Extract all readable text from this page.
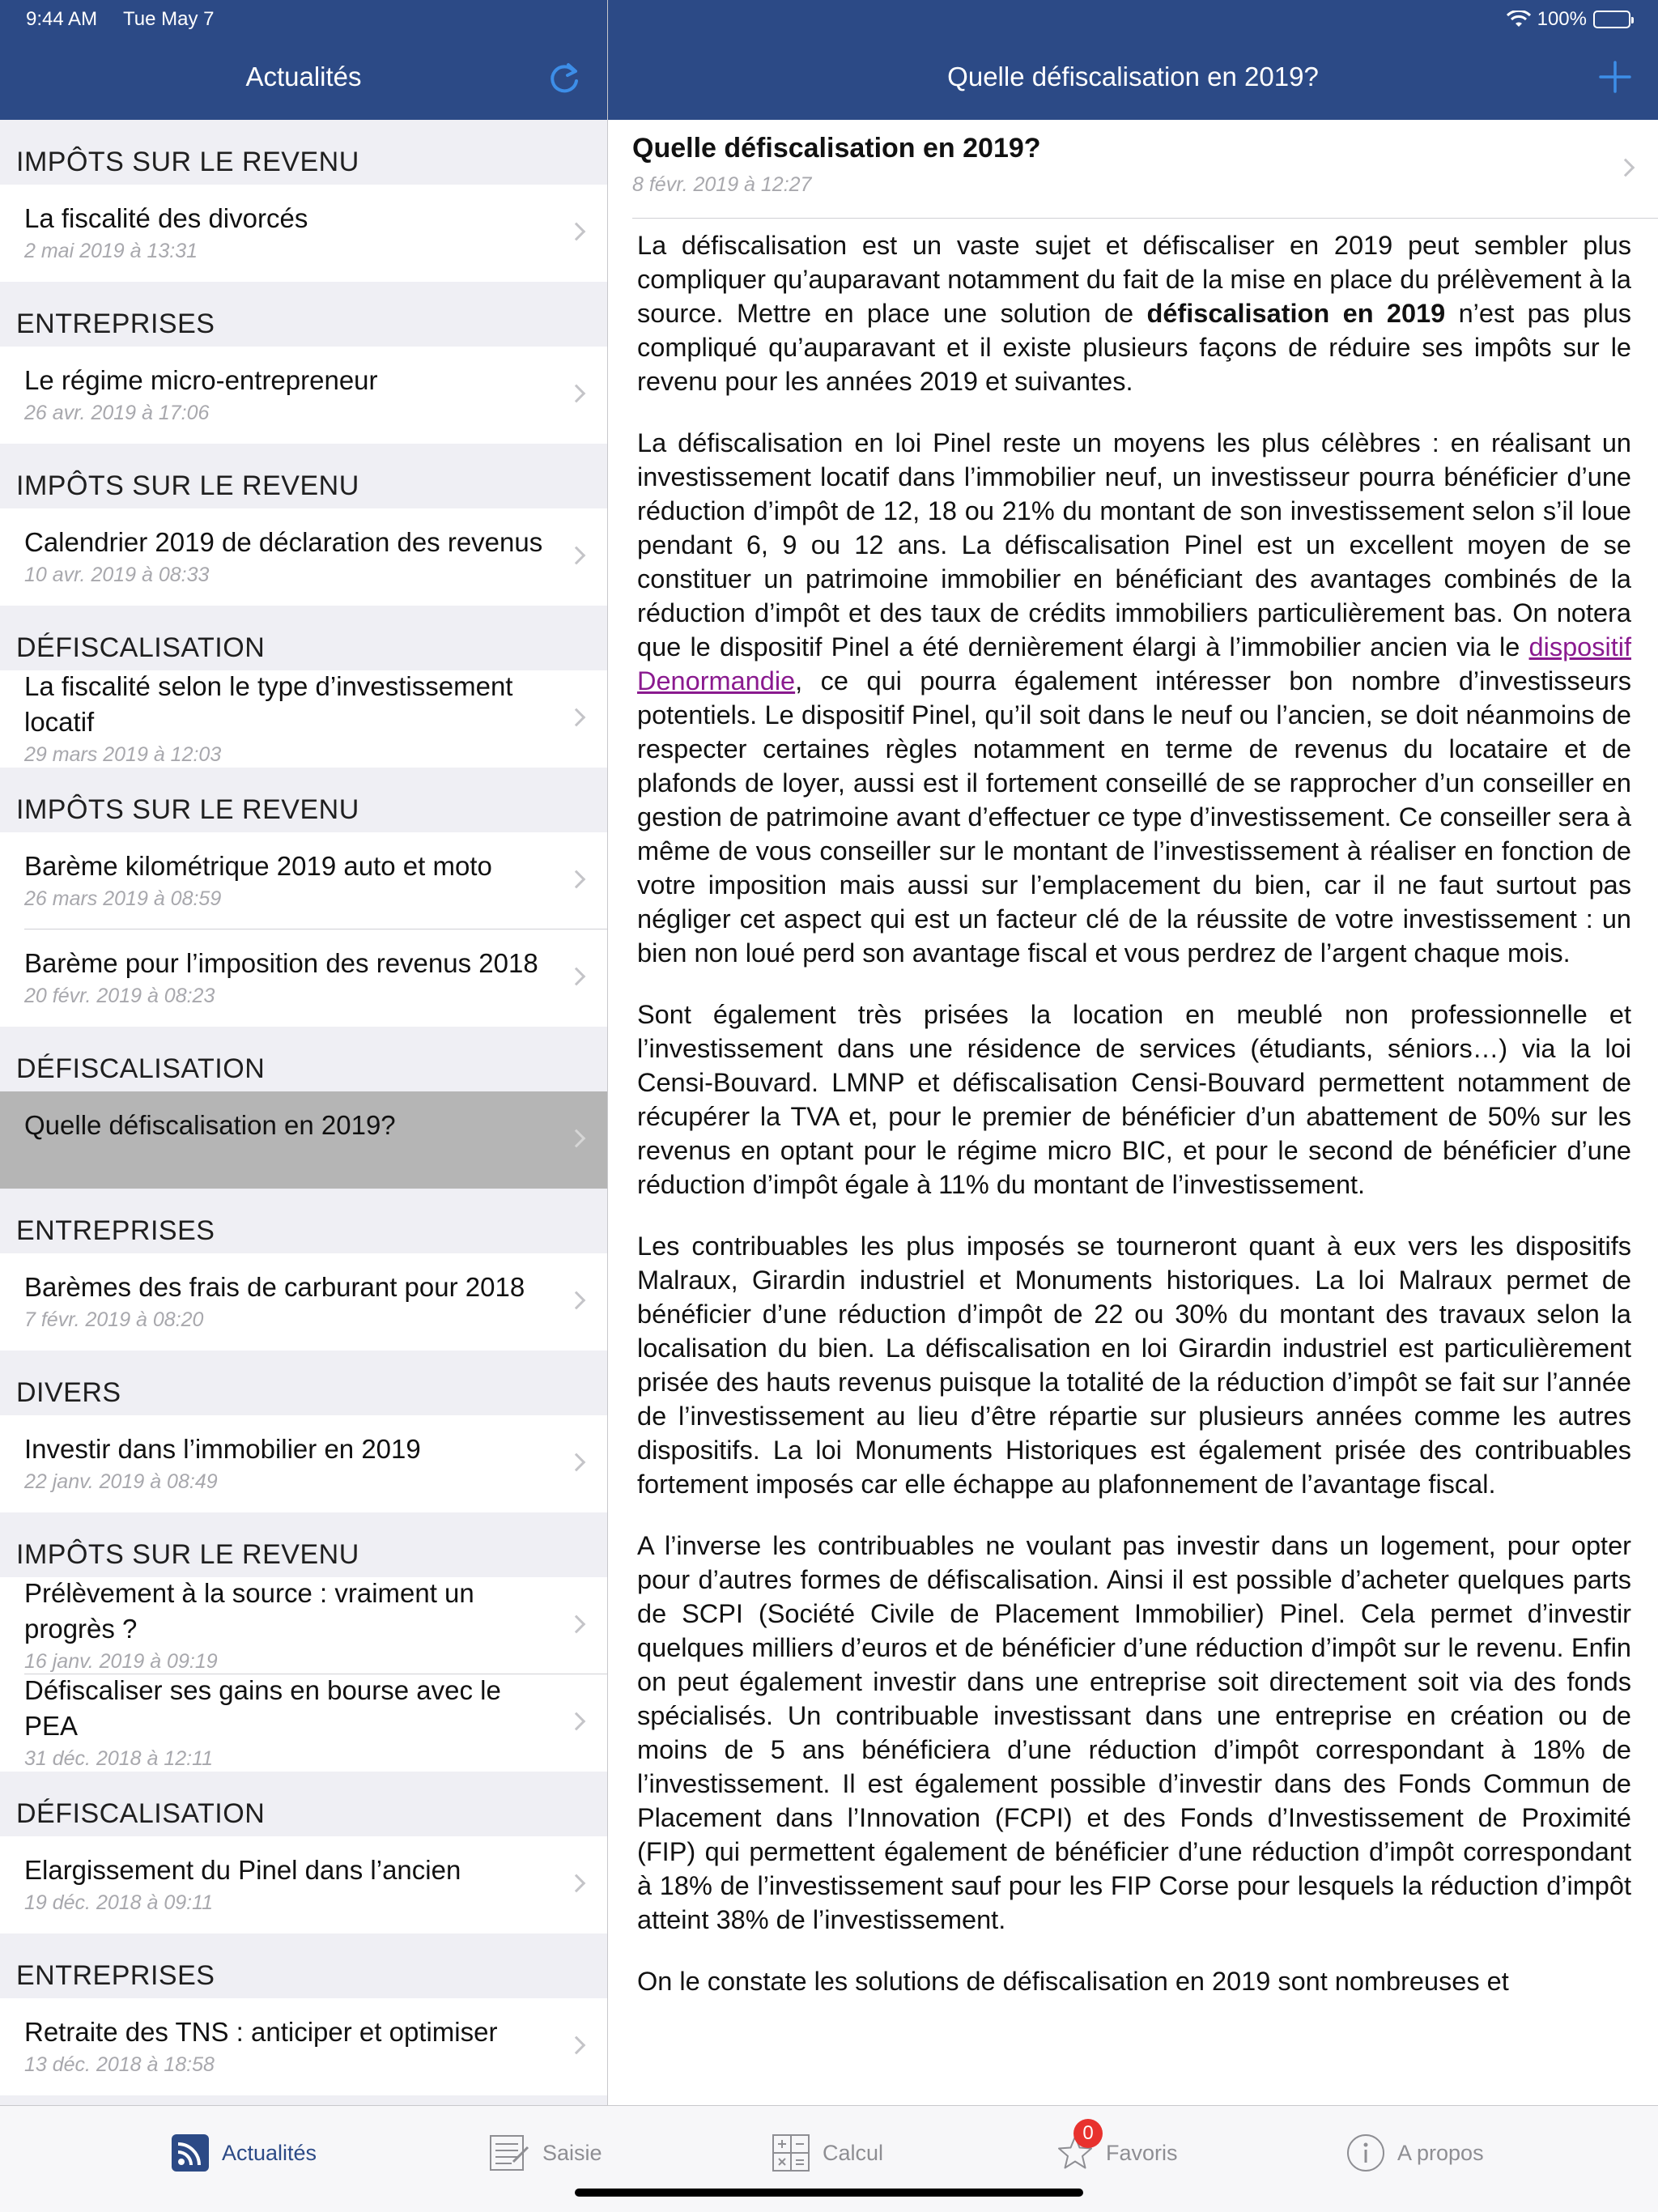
9:44 AM Tue May 7	100%
Actualités	Quelle défiscalisation en 2019?
IMPÔTS SUR LE REVENU
La fiscalité des divorcés
2 mai 2019 à 13:31
ENTREPRISES
Le régime micro-entrepreneur
26 avr. 2019 à 17:06
IMPÔTS SUR LE REVENU
Calendrier 2019 de déclaration des revenus
10 avr. 2019 à 08:33
DÉFISCALISATION
La fiscalité selon le type d’investissement locatif
29 mars 2019 à 12:03
IMPÔTS SUR LE REVENU
Barème kilométrique 2019 auto et moto
26 mars 2019 à 08:59
Barème pour l’imposition des revenus 2018
20 févr. 2019 à 08:23
DÉFISCALISATION
Quelle défiscalisation en 2019?
ENTREPRISES
Barèmes des frais de carburant pour 2018
7 févr. 2019 à 08:20
DIVERS
Investir dans l’immobilier en 2019
22 janv. 2019 à 08:49
IMPÔTS SUR LE REVENU
Prélèvement à la source : vraiment un progrès ?
16 janv. 2019 à 09:19
Défiscaliser ses gains en bourse avec le PEA
31 déc. 2018 à 12:11
DÉFISCALISATION
Elargissement du Pinel dans l’ancien
19 déc. 2018 à 09:11
ENTREPRISES
Retraite des TNS : anticiper et optimiser
13 déc. 2018 à 18:58
Quelle défiscalisation en 2019?
8 févr. 2019 à 12:27

La défiscalisation est un vaste sujet et défiscaliser en 2019 peut sembler plus compliquer qu’auparavant notamment du fait de la mise en place du prélèvement à la source. Mettre en place une solution de défiscalisation en 2019 n’est pas plus compliqué qu’auparavant et il existe plusieurs façons de réduire ses impôts sur le revenu pour les années 2019 et suivantes.

La défiscalisation en loi Pinel reste un moyens les plus célèbres : en réalisant un investissement locatif dans l’immobilier neuf, un investisseur pourra bénéficier d’une réduction d’impôt de 12, 18 ou 21% du montant de son investissement selon s’il loue pendant 6, 9 ou 12 ans. La défiscalisation Pinel est un excellent moyen de se constituer un patrimoine immobilier en bénéficiant des avantages combinés de la réduction d’impôt et des taux de crédits immobiliers particulièrement bas. On notera que le dispositif Pinel a été dernièrement élargi à l’immobilier ancien via le dispositif Denormandie, ce qui pourra également intéresser bon nombre d’investisseurs potentiels. Le dispositif Pinel, qu’il soit dans le neuf ou l’ancien, se doit néanmoins de respecter certaines règles notamment en terme de revenus du locataire et de plafonds de loyer, aussi est il fortement conseillé de se rapprocher d’un conseiller en gestion de patrimoine avant d’effectuer ce type d’investissement. Ce conseiller sera à même de vous conseiller sur le montant de l’investissement à réaliser en fonction de votre imposition mais aussi sur l’emplacement du bien, car il ne faut surtout pas négliger cet aspect qui est un facteur clé de la réussite de votre investissement : un bien non loué perd son avantage fiscal et vous perdrez de l’argent chaque mois.

Sont également très prisées la location en meublé non professionnelle et l’investissement dans une résidence de services (étudiants, séniors…) via la loi Censi-Bouvard. LMNP et défiscalisation Censi-Bouvard permettent notamment de récupérer la TVA et, pour le premier de bénéficier d’un abattement de 50% sur les revenus en optant pour le régime micro BIC, et pour le second de bénéficier d’une réduction d’impôt égale à 11% du montant de l’investissement.

Les contribuables les plus imposés se tourneront quant à eux vers les dispositifs Malraux, Girardin industriel et Monuments historiques. La loi Malraux permet de bénéficier d’une réduction d’impôt de 22 ou 30% du montant des travaux selon la localisation du bien. La défiscalisation en loi Girardin industriel est particulièrement prisée des hauts revenus puisque la totalité de la réduction d’impôt se fait sur l’année de l’investissement au lieu d’être répartie sur plusieurs années comme les autres dispositifs. La loi Monuments Historiques est également prisée des contribuables fortement imposés car elle échappe au plafonnement de l’avantage fiscal.

A l’inverse les contribuables ne voulant pas investir dans un logement, pour opter pour d’autres formes de défiscalisation. Ainsi il est possible d’acheter quelques parts de SCPI (Société Civile de Placement Immobilier) Pinel. Cela permet d’investir quelques milliers d’euros et de bénéficier d’une réduction d’impôt sur le revenu. Enfin on peut également investir dans une entreprise soit directement soit via des fonds spécialisés. Un contribuable investissant dans une entreprise en création ou de moins de 5 ans bénéficiera d’une réduction d’impôt correspondant à 18% de l’investissement. Il est également possible d’investir dans des Fonds Commun de Placement dans l’Innovation (FCPI) et des Fonds d’Investissement de Proximité (FIP) qui permettent également de bénéficier d’une réduction d’impôt correspondant à 18% de l’investissement sauf pour les FIP Corse pour lesquels la réduction d’impôt atteint 38% de l’investissement.

On le constate les solutions de défiscalisation en 2019 sont nombreuses et

Actualités	Saisie	Calcul
0
Favoris	A propos
